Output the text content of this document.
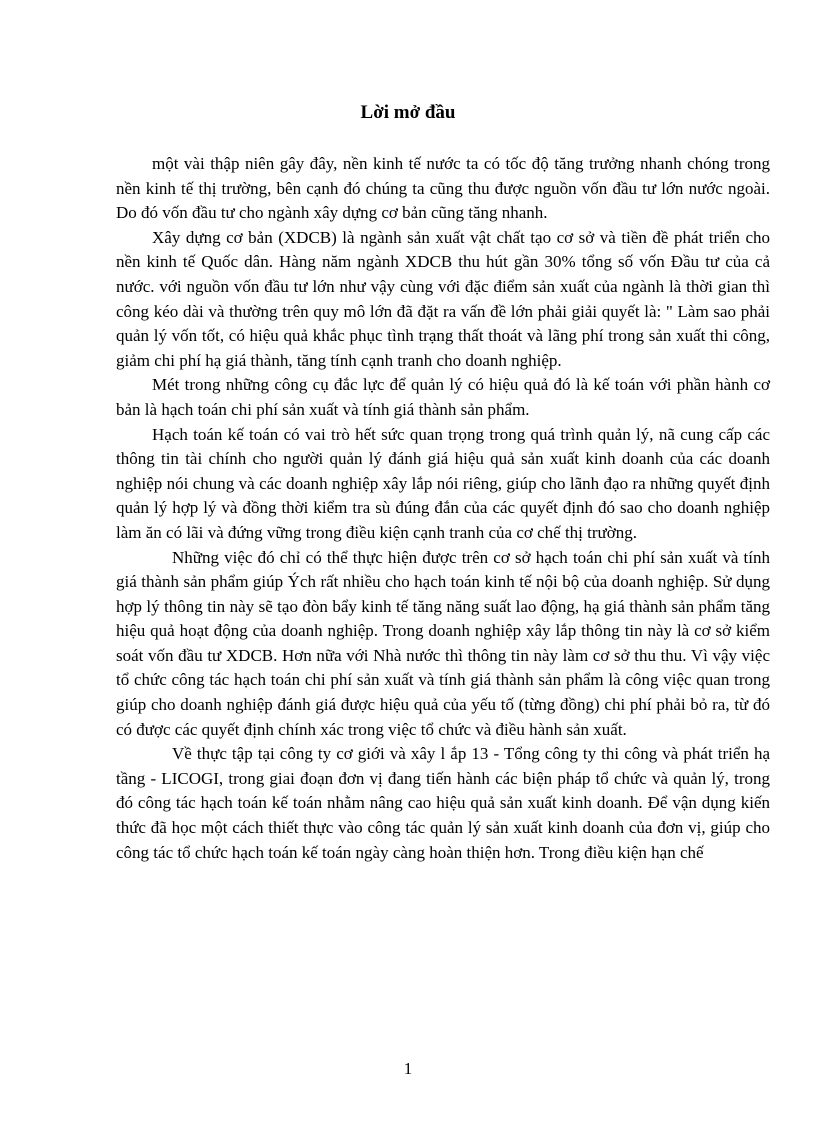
Lời mở đầu

một vài thập niên gây đây, nền kinh tế nước ta có tốc độ tăng trưởng nhanh chóng trong nền kinh tế thị trường, bên cạnh đó chúng ta cũng thu được nguồn vốn đầu tư lớn nước ngoài. Do đó vốn đầu tư cho ngành xây dựng cơ bản cũng tăng nhanh.

Xây dựng cơ bản (XDCB) là ngành sản xuất vật chất tạo cơ sở và tiền đề phát triển cho nền kinh tế Quốc dân. Hàng năm ngành XDCB thu hút gần 30% tổng số vốn Đầu tư của cả nước. với nguồn vốn đầu tư lớn như vậy cùng với đặc điểm sản xuất của ngành là thời gian thì công kéo dài và thường trên quy mô lớn đã đặt ra vấn đề lớn phải giải quyết là: " Làm sao phải quản lý vốn tốt, có hiệu quả khắc phục tình trạng thất thoát và lãng phí trong sản xuất thi công, giảm chi phí hạ giá thành, tăng tính cạnh tranh cho doanh nghiệp.

Mét trong những công cụ đắc lực để quản lý có hiệu quả đó là kế toán với phần hành cơ bản là hạch toán chi phí sản xuất và tính giá thành sản phẩm.

Hạch toán kế toán có vai trò hết sức quan trọng trong quá trình quản lý, nã cung cấp các thông tin tài chính cho người quản lý đánh giá hiệu quả sản xuất kinh doanh của các doanh nghiệp nói chung và các doanh nghiệp xây lắp nói riêng, giúp cho lãnh đạo ra những quyết định quản lý hợp lý và đồng thời kiểm tra sù đúng đắn của các quyết định đó sao cho doanh nghiệp làm ăn có lãi và đứng vững trong điều kiện cạnh tranh của cơ chế thị trường.

Những việc đó chỉ có thể thực hiện được trên cơ sở hạch toán chi phí sản xuất và tính giá thành sản phẩm giúp Ých rất nhiều cho hạch toán kinh tế nội bộ của doanh nghiệp. Sử dụng hợp lý thông tin này sẽ tạo đòn bẩy kinh tế tăng năng suất lao động, hạ giá thành sản phẩm tăng hiệu quả hoạt động của doanh nghiệp. Trong doanh nghiệp xây lắp thông tin này là cơ sở kiểm soát vốn đầu tư XDCB. Hơn nữa với Nhà nước thì thông tin này làm cơ sở thu thu. Vì vậy việc tổ chức công tác hạch toán chi phí sản xuất và tính giá thành sản phẩm là công việc quan trong giúp cho doanh nghiệp đánh giá được hiệu quả của yếu tố (từng đồng) chi phí phải bỏ ra, từ đó có được các quyết định chính xác trong việc tổ chức và điều hành sản xuất.

Về thực tập tại công ty cơ giới và xây l ắp 13 - Tổng công ty thi công và phát triển hạ tầng - LICOGI, trong giai đoạn đơn vị đang tiến hành các biện pháp tổ chức và quản lý, trong đó công tác hạch toán kế toán nhằm nâng cao hiệu quả sản xuất kinh doanh. Để vận dụng kiến thức đã học một cách thiết thực vào công tác quản lý sản xuất kinh doanh của đơn vị, giúp cho công tác tổ chức hạch toán kế toán ngày càng hoàn thiện hơn. Trong điều kiện hạn chế

1
